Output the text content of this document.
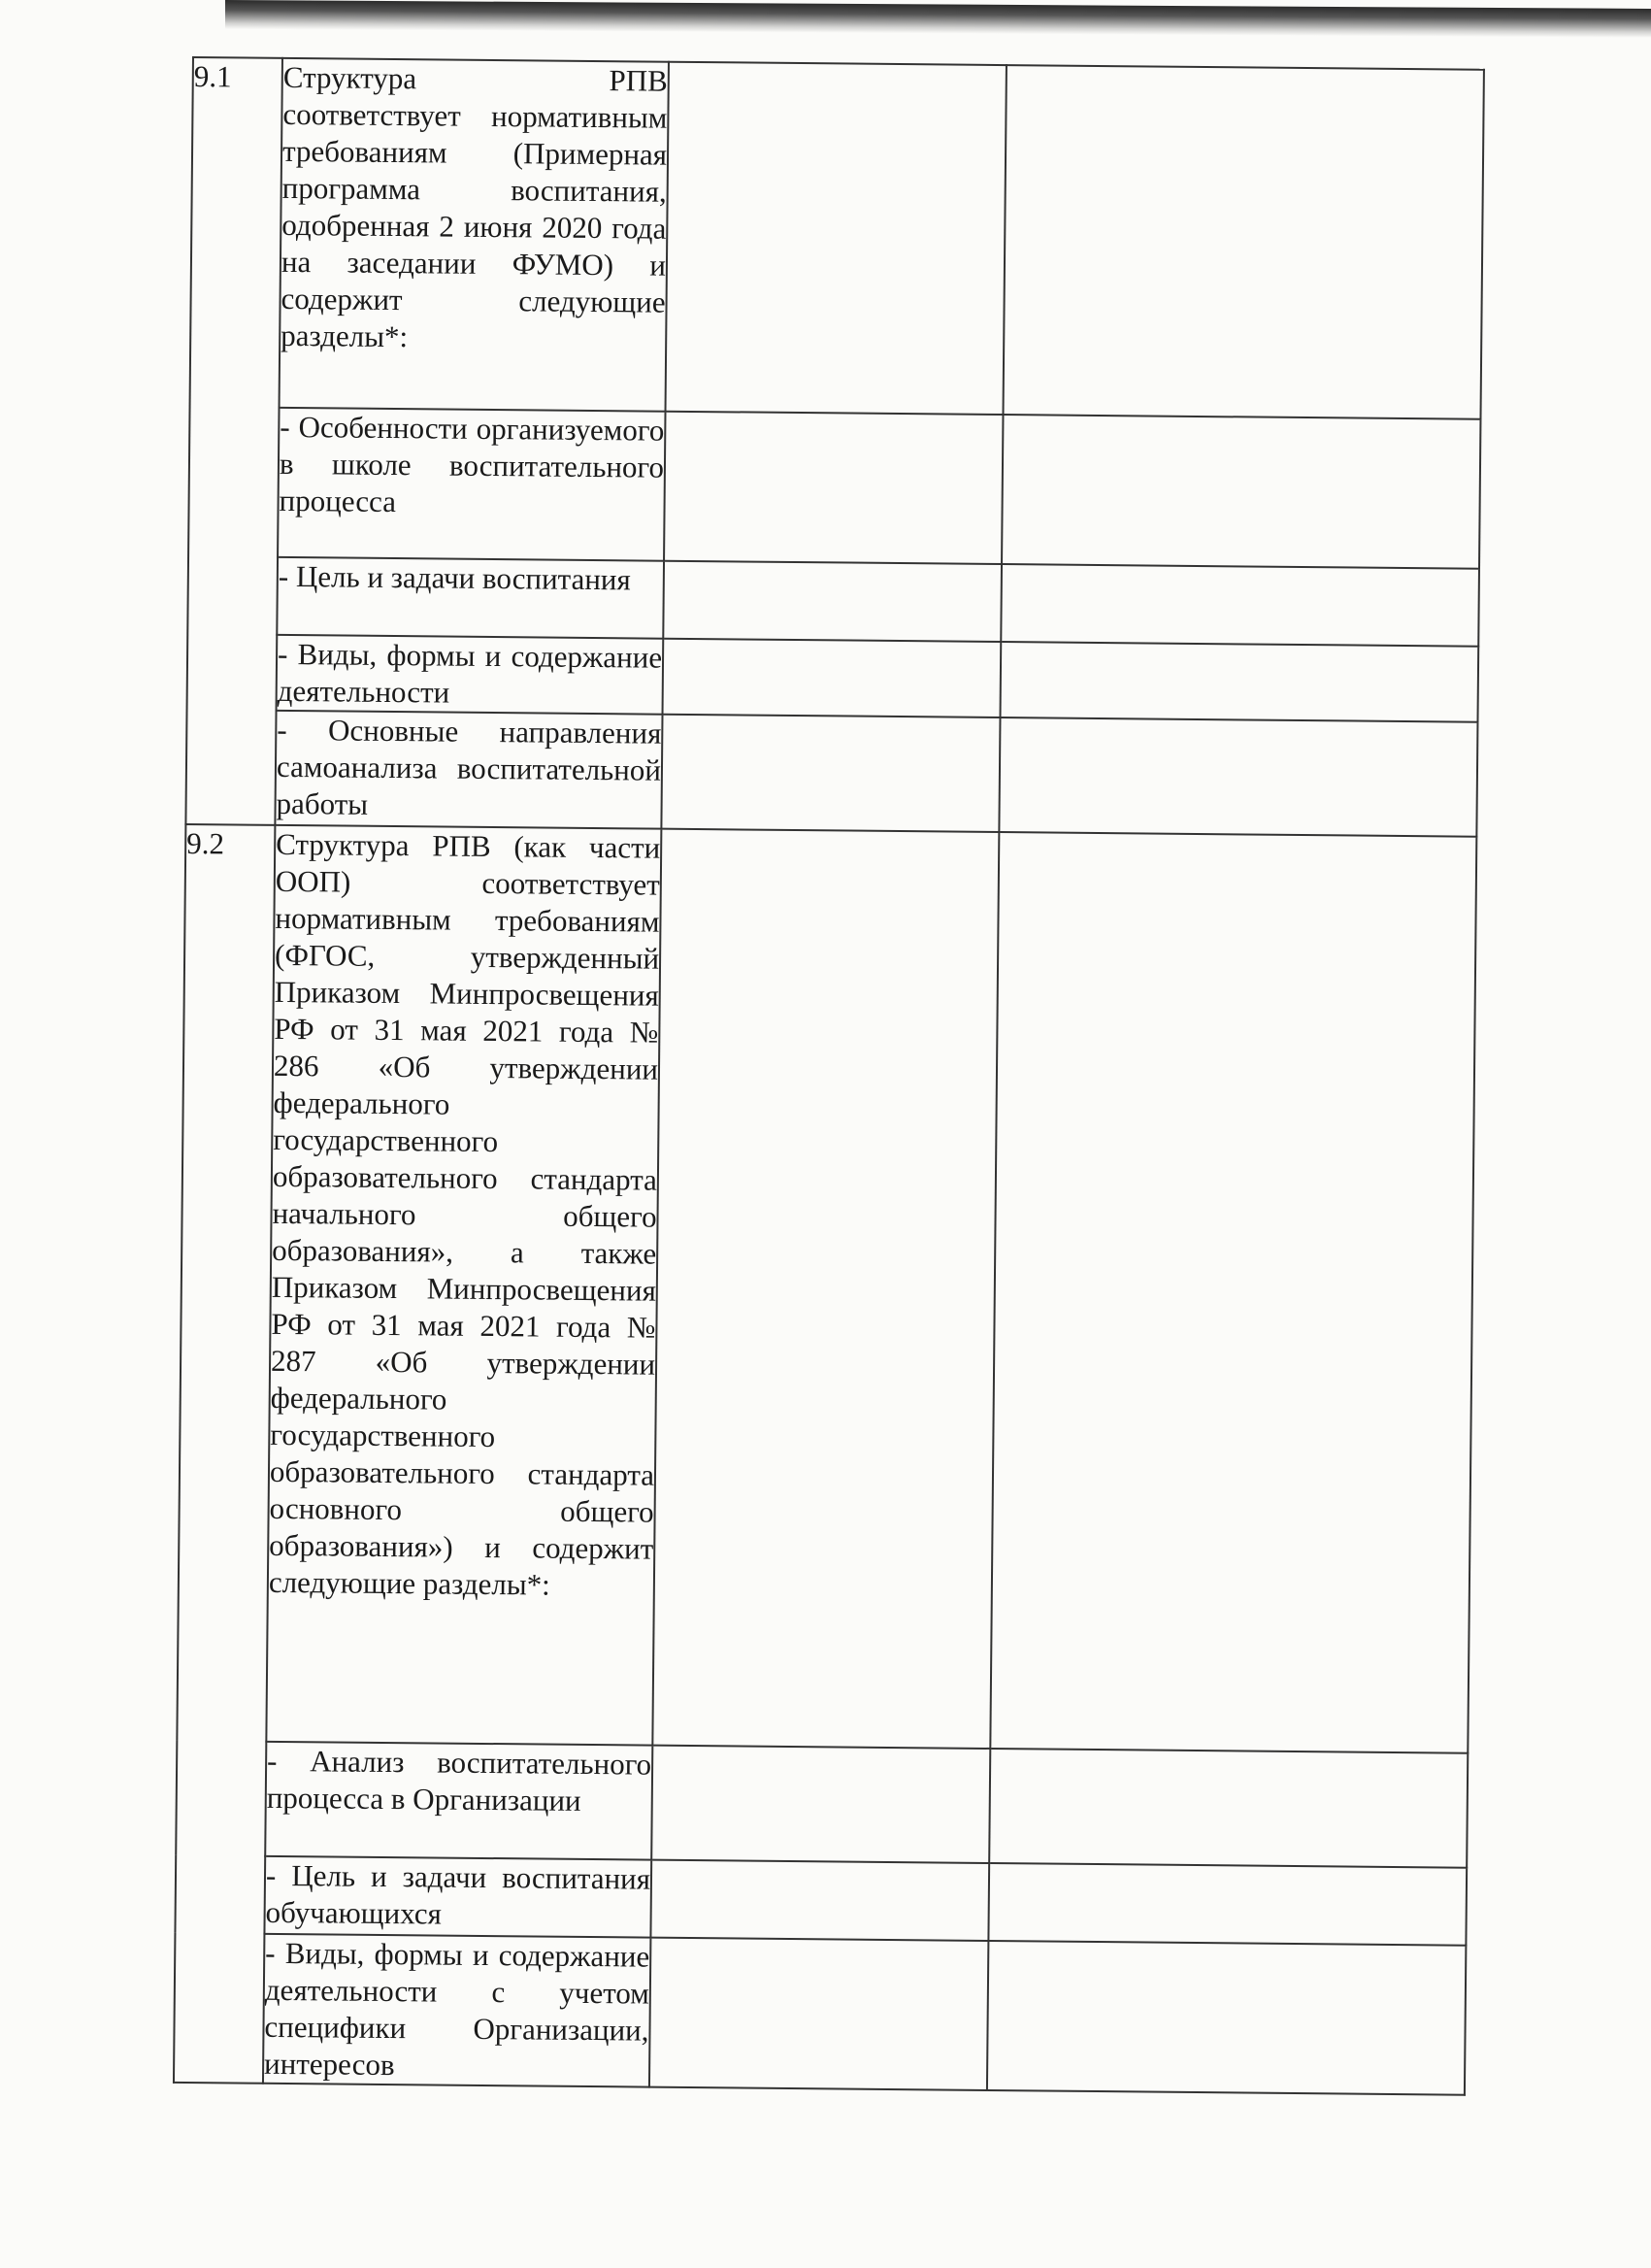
9.1	Структура РПВ соответствует нормативным требованиям (Примерная программа воспитания, одобренная 2 июня 2020 года на заседании ФУМО) и содержит следующие разделы*:		

	- Особенности организуемого в школе воспитательного процесса		

	- Цель и задачи воспитания		

	- Виды, формы и содержание деятельности		

	- Основные направления самоанализа воспитательной работы		

9.2	Структура РПВ (как части ООП) соответствует нормативным требованиям (ФГОС, утвержденный Приказом Минпросвещения РФ от 31 мая 2021 года № 286 «Об утверждении федерального государственного образовательного стандарта начального общего образования», а также Приказом Минпросвещения РФ от 31 мая 2021 года № 287 «Об утверждении федерального государственного образовательного стандарта основного общего образования») и содержит следующие разделы*:		

	- Анализ воспитательного процесса в Организации		

	- Цель и задачи воспитания обучающихся		

	- Виды, формы и содержание деятельности с учетом специфики Организации, интересов		
